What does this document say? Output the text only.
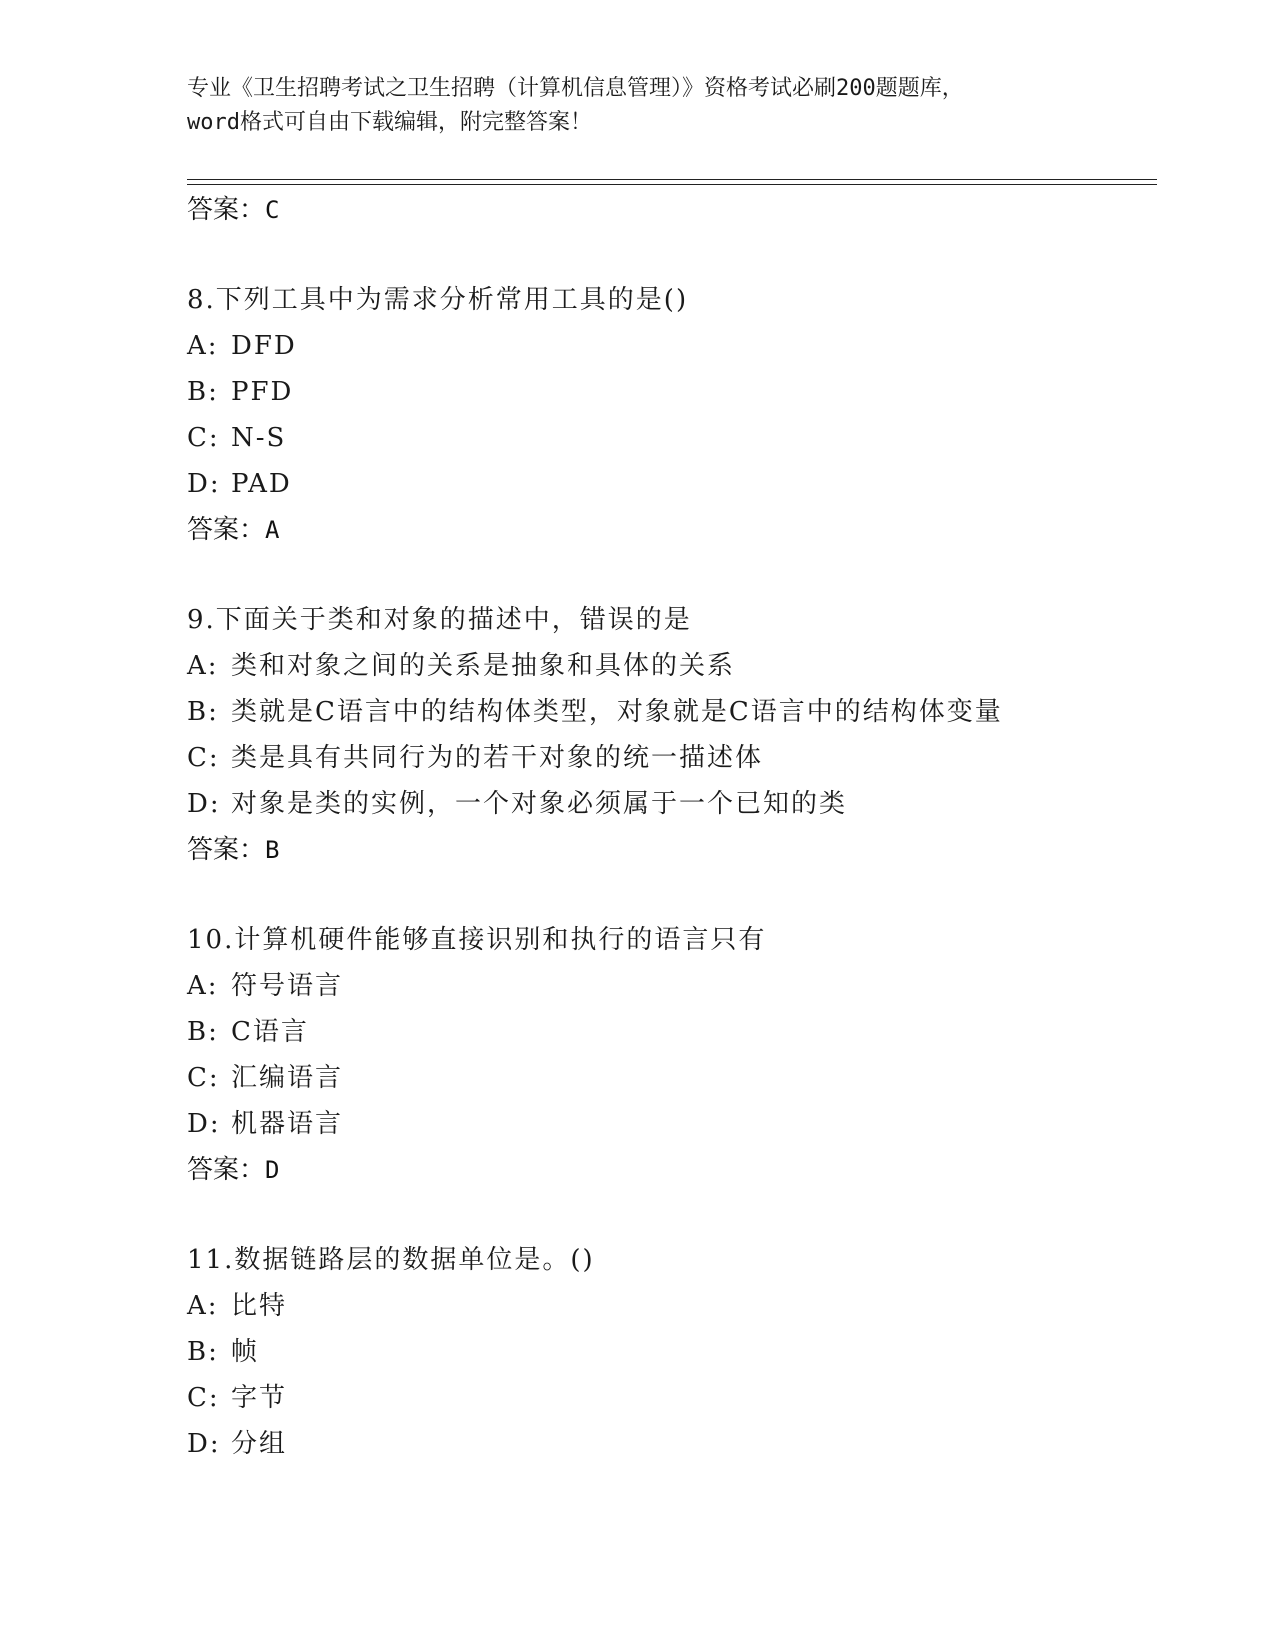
专业《卫生招聘考试之卫生招聘（计算机信息管理）》资格考试必刷200题题库，
word格式可自由下载编辑，附完整答案！
答案：C
8.下列工具中为需求分析常用工具的是()
A: DFD
B: PFD
C: N-S
D: PAD
答案：A
9.下面关于类和对象的描述中，错误的是
A: 类和对象之间的关系是抽象和具体的关系
B: 类就是C语言中的结构体类型，对象就是C语言中的结构体变量
C: 类是具有共同行为的若干对象的统一描述体
D: 对象是类的实例，一个对象必须属于一个已知的类
答案：B
10.计算机硬件能够直接识别和执行的语言只有
A: 符号语言
B: C语言
C: 汇编语言
D: 机器语言
答案：D
11.数据链路层的数据单位是。()
A: 比特
B: 帧
C: 字节
D: 分组
